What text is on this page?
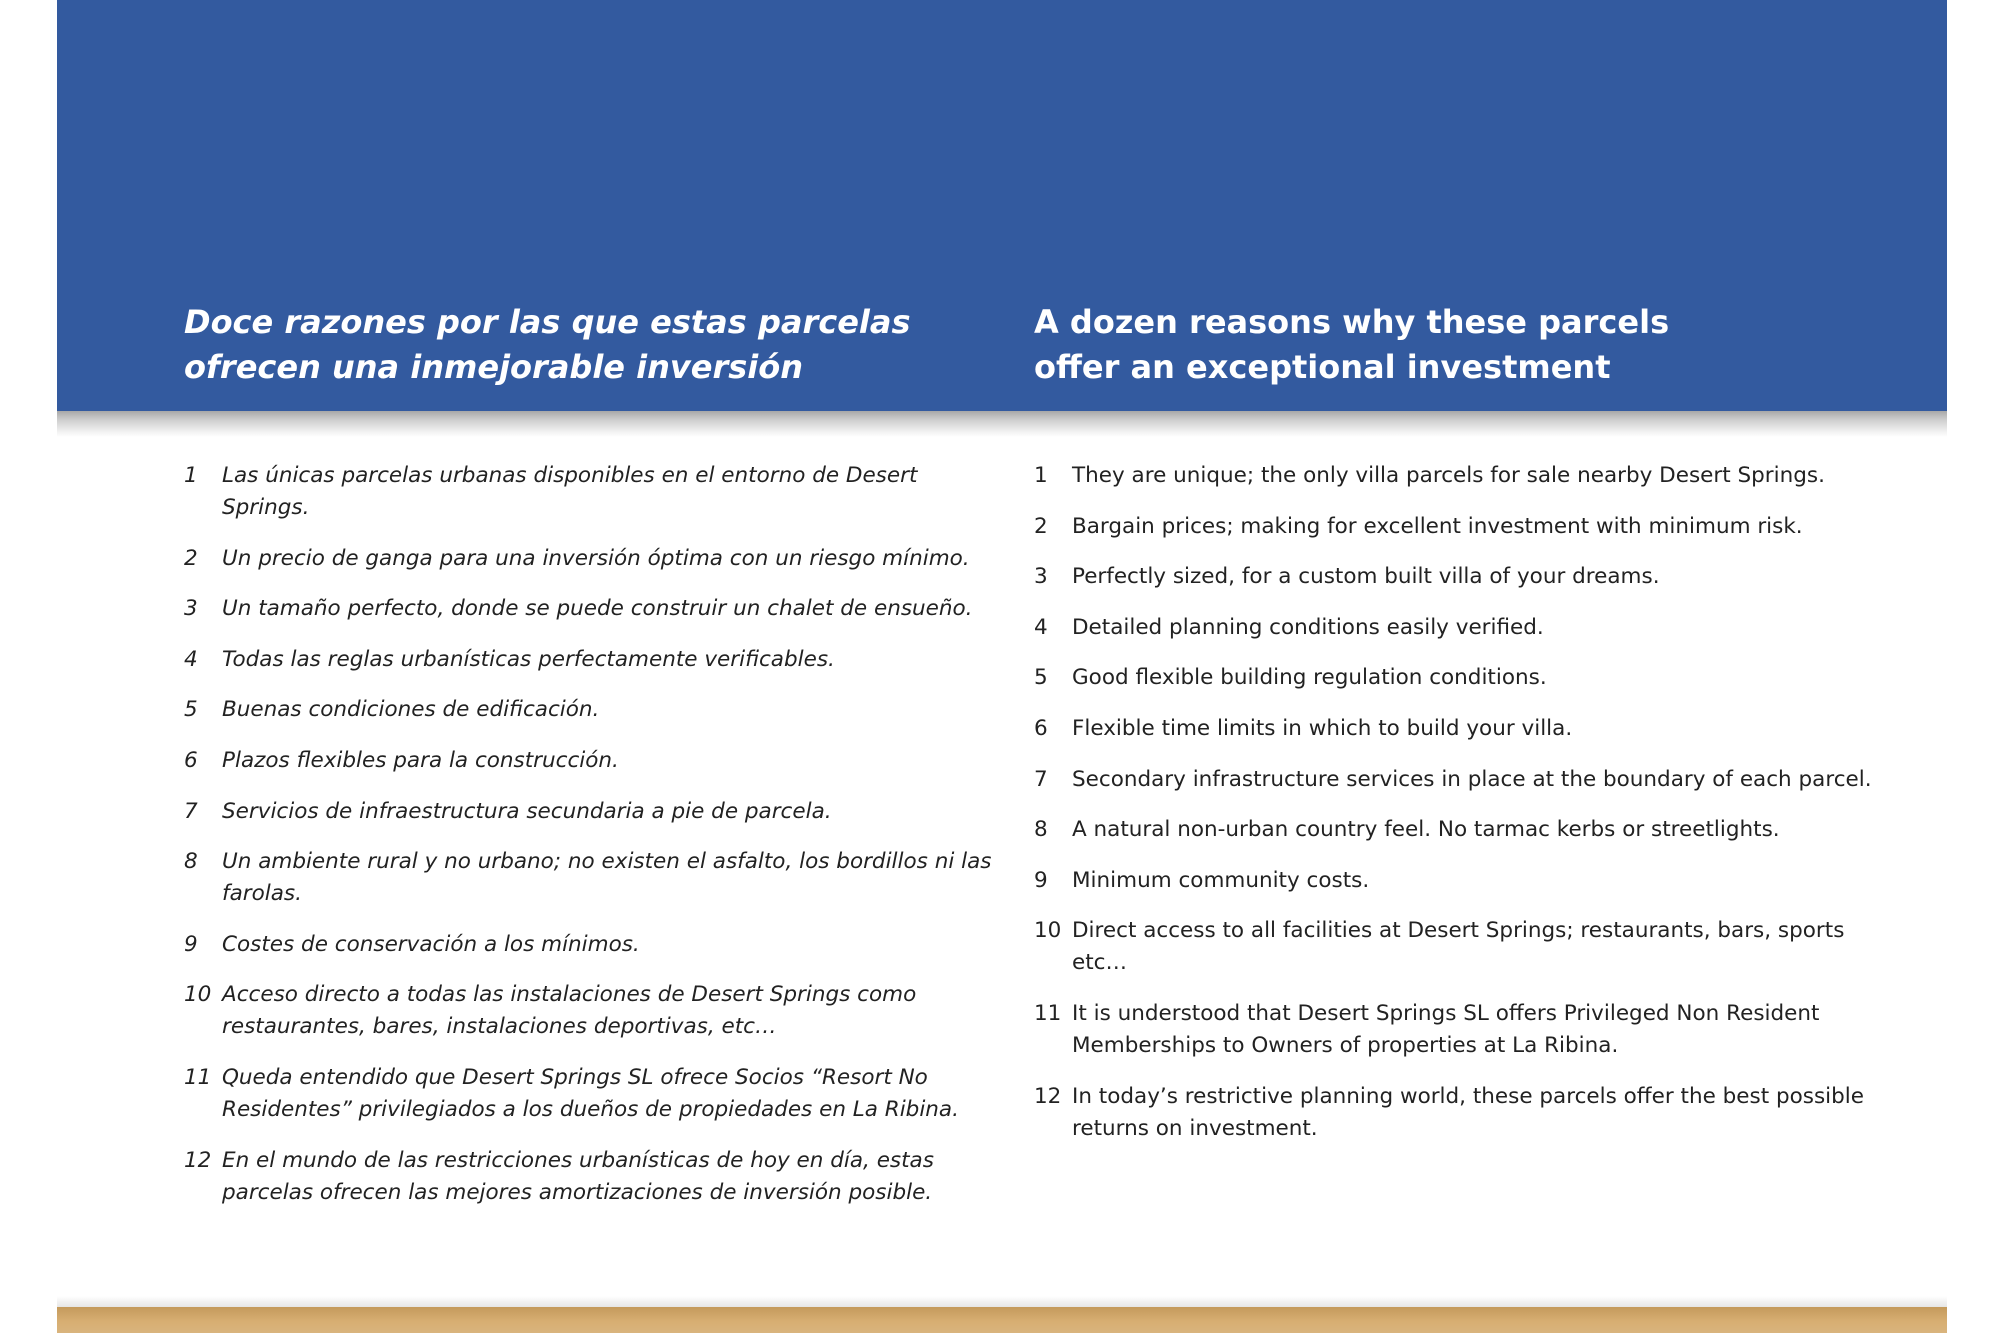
Doce razones por las que estas parcelas ofrecen una inmejorable inversión
A dozen reasons why these parcels offer an exceptional investment
1	Las únicas parcelas urbanas disponibles en el entorno de Desert Springs.
2	Un precio de ganga para una inversión óptima con un riesgo mínimo.
3	Un tamaño perfecto, donde se puede construir un chalet de ensueño.
4	Todas las reglas urbanísticas perfectamente verificables.
5	Buenas condiciones de edificación.
6	Plazos flexibles para la construcción.
7	Servicios de infraestructura secundaria a pie de parcela.
8	Un ambiente rural y no urbano; no existen el asfalto, los bordillos ni las farolas.
9	Costes de conservación a los mínimos.
10 Acceso directo a todas las instalaciones de Desert Springs como restaurantes, bares, instalaciones deportivas, etc…
11 Queda entendido que Desert Springs SL ofrece Socios “Resort No Residentes” privilegiados a los dueños de propiedades en La Ribina.
12 En el mundo de las restricciones urbanísticas de hoy en día, estas parcelas ofrecen las mejores amortizaciones de inversión posible.
1	They are unique; the only villa parcels for sale nearby Desert Springs.
2	Bargain prices; making for excellent investment with minimum risk.
3	Perfectly sized, for a custom built villa of your dreams.
4	Detailed planning conditions easily verified.
5	Good flexible building regulation conditions.
6	Flexible time limits in which to build your villa.
7	Secondary infrastructure services in place at the boundary of each parcel.
8	A natural non-urban country feel. No tarmac kerbs or streetlights.
9	Minimum community costs.
10 Direct access to all facilities at Desert Springs; restaurants, bars, sports etc…
11 It is understood that Desert Springs SL offers Privileged Non Resident Memberships to Owners of properties at La Ribina.
12 In today’s restrictive planning world, these parcels offer the best possible returns on investment.
